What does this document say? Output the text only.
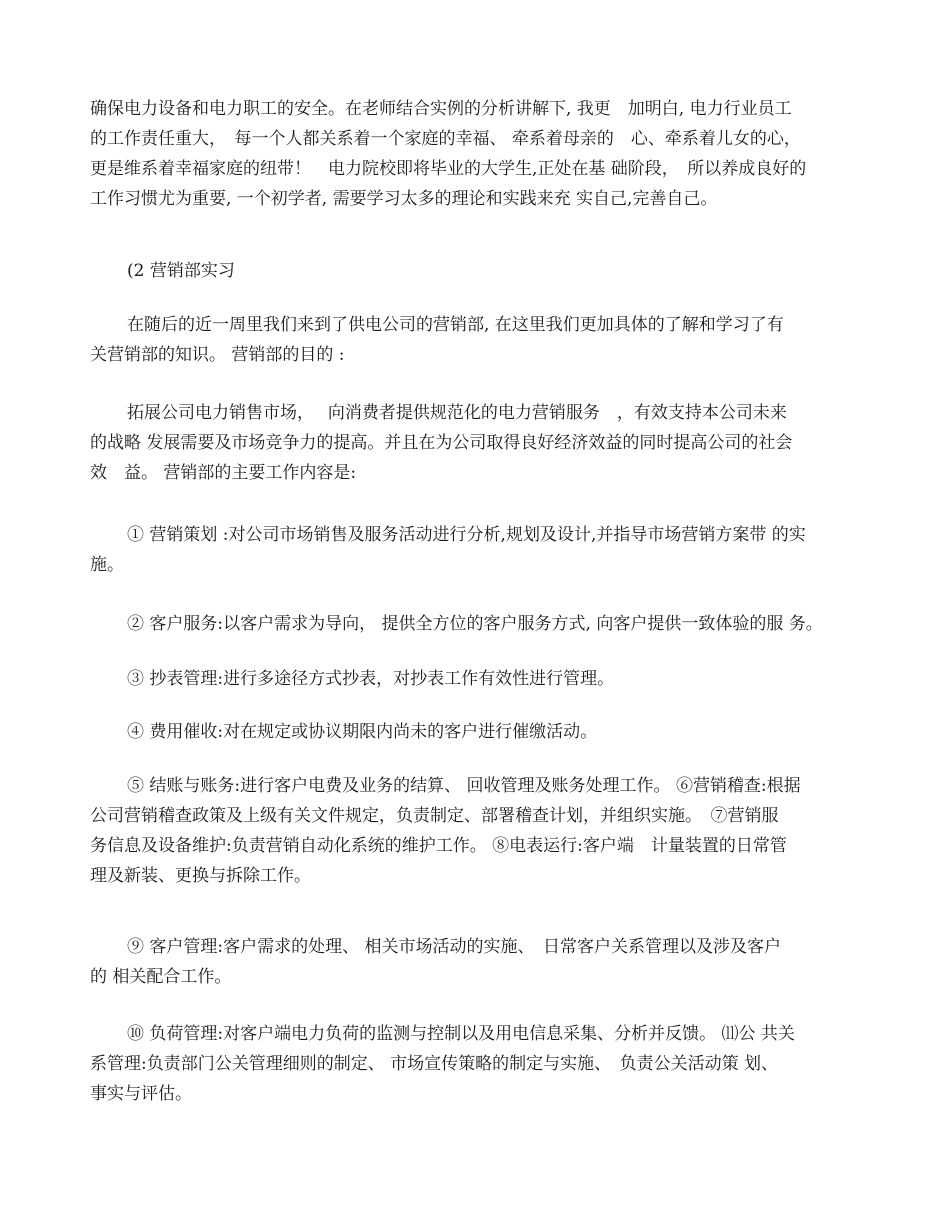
确保电力设备和电力职工的安全。在老师结合实例的分析讲解下, 我更　加明白, 电力行业员工
的工作责任重大，　每一个人都关系着一个家庭的幸福、 牵系着母亲的　心、牵系着儿女的心，
更是维系着幸福家庭的纽带！　电力院校即将毕业的大学生,正处在基 础阶段，　所以养成良好的
工作习惯尤为重要, 一个初学者, 需要学习太多的理论和实践来充 实自己,完善自己。

(2 营销部实习

在随后的近一周里我们来到了供电公司的营销部, 在这里我们更加具体的了解和学习了有
关营销部的知识。 营销部的目的 :

拓展公司电力销售市场，　 向消费者提供规范化的电力营销服务　，有效支持本公司未来
的战略 发展需要及市场竞争力的提高。并且在为公司取得良好经济效益的同时提高公司的社会
效　益。 营销部的主要工作内容是:

① 营销策划 :对公司市场销售及服务活动进行分析,规划及设计,并指导市场营销方案带 的实
施。

② 客户服务:以客户需求为导向， 提供全方位的客户服务方式, 向客户提供一致体验的服 务。

③ 抄表管理:进行多途径方式抄表，对抄表工作有效性进行管理。

④ 费用催收:对在规定或协议期限内尚未的客户进行催缴活动。

⑤ 结账与账务:进行客户电费及业务的结算、 回收管理及账务处理工作。 ⑥营销稽查:根据
公司营销稽查政策及上级有关文件规定，负责制定、部署稽查计划，并组织实施。　⑦营销服
务信息及设备维护:负责营销自动化系统的维护工作。 ⑧电表运行:客户端　计量装置的日常管
理及新装、更换与拆除工作。

⑨ 客户管理:客户需求的处理、 相关市场活动的实施、　日常客户关系管理以及涉及客户
的 相关配合工作。

⑩ 负荷管理:对客户端电力负荷的监测与控制以及用电信息采集、分析并反馈。 ⑾公 共关
系管理:负责部门公关管理细则的制定、 市场宣传策略的制定与实施、　负责公关活动策 划、
事实与评估。
